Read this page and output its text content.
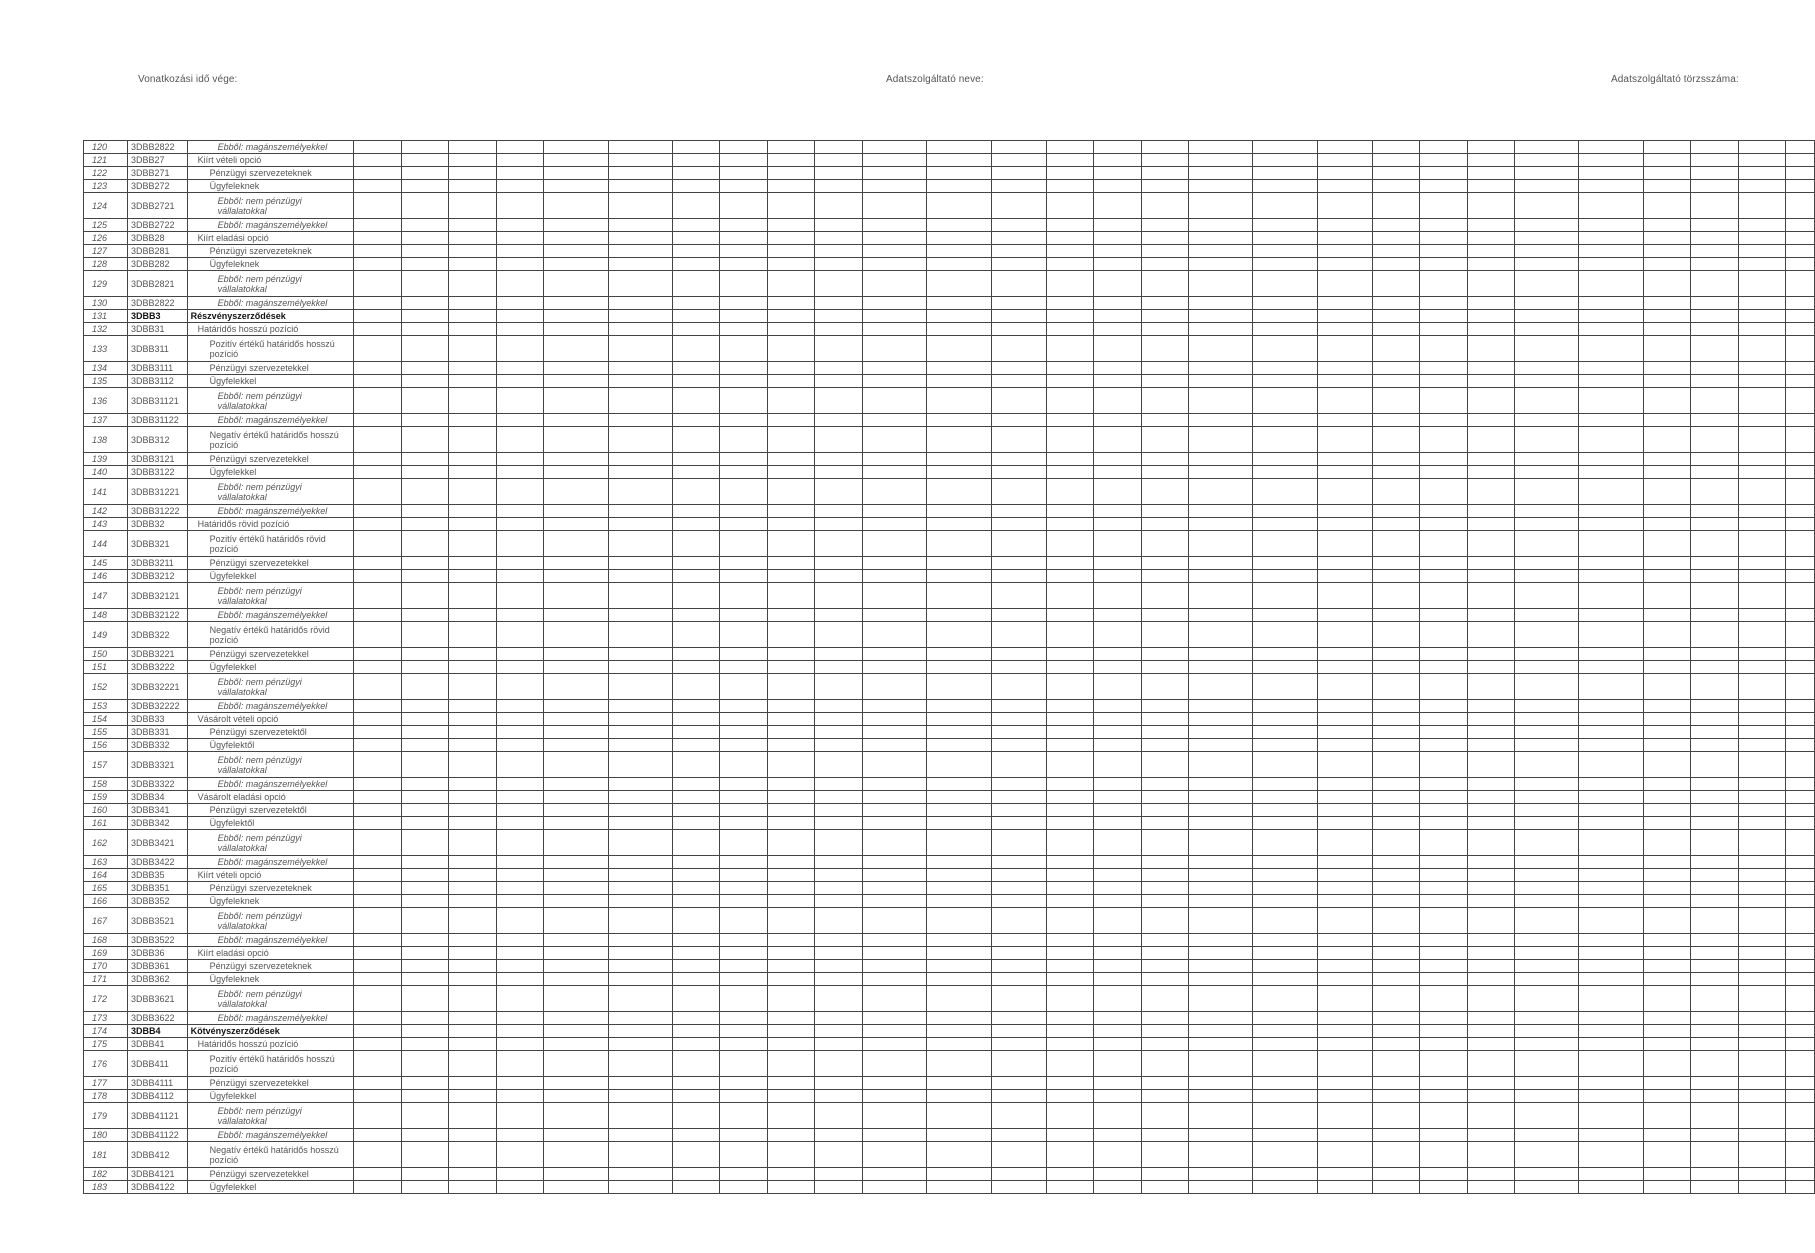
Vonatkozási idő vége:	Adatszolgáltató neve:	Adatszolgáltató törzsszáma:
120	3DBB2822	Ebből: magánszemélyekkel																												
121	3DBB27	Kiírt vételi opció																												
122	3DBB271	Pénzügyi szervezeteknek																												
123	3DBB272	Ügyfeleknek																												
124	3DBB2721	Ebből: nem pénzügyi vállalatokkal																												
125	3DBB2722	Ebből: magánszemélyekkel																												
126	3DBB28	Kiírt eladási opció																												
127	3DBB281	Pénzügyi szervezeteknek																												
128	3DBB282	Ügyfeleknek																												
129	3DBB2821	Ebből: nem pénzügyi vállalatokkal																												
130	3DBB2822	Ebből: magánszemélyekkel																												
131	3DBB3	Részvényszerződések																												
132	3DBB31	Határidős hosszú pozíció																												
133	3DBB311	Pozitív értékű határidős hosszú pozíció																												
134	3DBB3111	Pénzügyi szervezetekkel																												
135	3DBB3112	Ügyfelekkel																												
136	3DBB31121	Ebből: nem pénzügyi vállalatokkal																												
137	3DBB31122	Ebből: magánszemélyekkel																												
138	3DBB312	Negatív értékű határidős hosszú pozíció																												
139	3DBB3121	Pénzügyi szervezetekkel																												
140	3DBB3122	Ügyfelekkel																												
141	3DBB31221	Ebből: nem pénzügyi vállalatokkal																												
142	3DBB31222	Ebből: magánszemélyekkel																												
143	3DBB32	Határidős rövid pozíció																												
144	3DBB321	Pozitív értékű határidős rövid pozíció																												
145	3DBB3211	Pénzügyi szervezetekkel																												
146	3DBB3212	Ügyfelekkel																												
147	3DBB32121	Ebből: nem pénzügyi vállalatokkal																												
148	3DBB32122	Ebből: magánszemélyekkel																												
149	3DBB322	Negatív értékű határidős rövid pozíció																												
150	3DBB3221	Pénzügyi szervezetekkel																												
151	3DBB3222	Ügyfelekkel																												
152	3DBB32221	Ebből: nem pénzügyi vállalatokkal																												
153	3DBB32222	Ebből: magánszemélyekkel																												
154	3DBB33	Vásárolt vételi opció																												
155	3DBB331	Pénzügyi szervezetektől																												
156	3DBB332	Ügyfelektől																												
157	3DBB3321	Ebből: nem pénzügyi vállalatokkal																												
158	3DBB3322	Ebből: magánszemélyekkel																												
159	3DBB34	Vásárolt eladási opció																												
160	3DBB341	Pénzügyi szervezetektől																												
161	3DBB342	Ügyfelektől																												
162	3DBB3421	Ebből: nem pénzügyi vállalatokkal																												
163	3DBB3422	Ebből: magánszemélyekkel																												
164	3DBB35	Kiírt vételi opció																												
165	3DBB351	Pénzügyi szervezeteknek																												
166	3DBB352	Ügyfeleknek																												
167	3DBB3521	Ebből: nem pénzügyi vállalatokkal																												
168	3DBB3522	Ebből: magánszemélyekkel																												
169	3DBB36	Kiírt eladási opció																												
170	3DBB361	Pénzügyi szervezeteknek																												
171	3DBB362	Ügyfeleknek																												
172	3DBB3621	Ebből: nem pénzügyi vállalatokkal																												
173	3DBB3622	Ebből: magánszemélyekkel																												
174	3DBB4	Kötvényszerződések																												
175	3DBB41	Határidős hosszú pozíció																												
176	3DBB411	Pozitív értékű határidős hosszú pozíció																												
177	3DBB4111	Pénzügyi szervezetekkel																												
178	3DBB4112	Ügyfelekkel																												
179	3DBB41121	Ebből: nem pénzügyi vállalatokkal																												
180	3DBB41122	Ebből: magánszemélyekkel																												
181	3DBB412	Negatív értékű határidős hosszú pozíció																												
182	3DBB4121	Pénzügyi szervezetekkel																												
183	3DBB4122	Ügyfelekkel																												
